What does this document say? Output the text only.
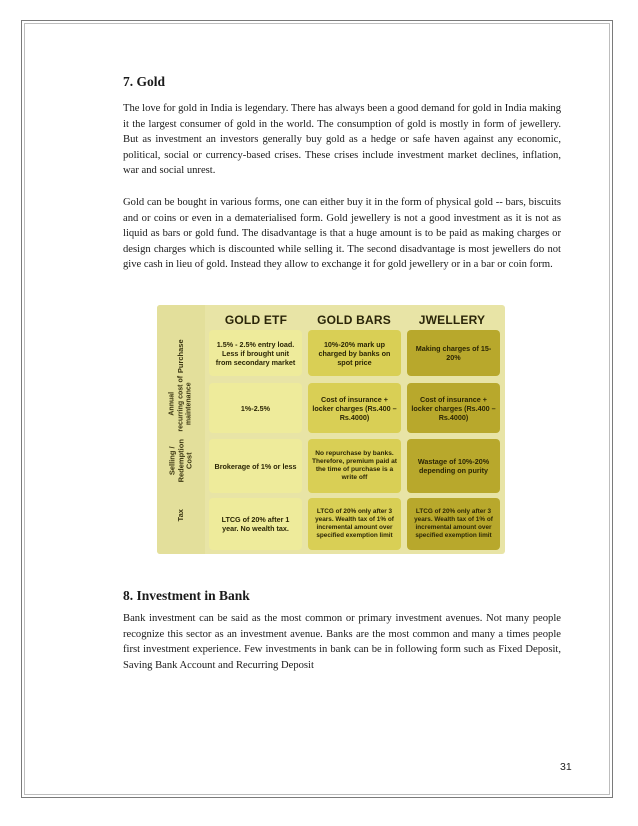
7. Gold

The love for gold in India is legendary. There has always been a good demand for gold in India making it the largest consumer of gold in the world. The consumption of gold is mostly in form of jewellery. But as investment an investors generally buy gold as a hedge or safe haven against any economic, political, social or currency-based crises. These crises include investment market declines, inflation, war and social unrest.

Gold can be bought in various forms, one can either buy it in the form of physical gold -- bars, biscuits and or coins or even in a dematerialised form. Gold jewellery is not a good investment as it is not as liquid as bars or gold fund. The disadvantage is that a huge amount is to be paid as making charges or design charges which is discounted while selling it. The second disadvantage is most jewellers do not give cash in lieu of gold. Instead they allow to exchange it for gold jewellery or in a bar or coin form.

8. Investment in Bank

Bank investment can be said as the most common or primary investment avenues. Not many people recognize this sector as an investment avenue. Banks are the most common and many a times people first investment experience. Few investments in bank can be in following form such as Fixed Deposit, Saving Bank Account and Recurring Deposit

GOLD ETF	GOLD BARS	JWELLERY
Purchase
Annual recurring cost of maintenance
Selling / Redemption Cost
Tax
1.5% - 2.5% entry load. Less if brought unit from secondary market
10%-20% mark up charged by banks on spot price
Making charges of 15-20%
1%-2.5%
Cost of insurance + locker charges (Rs.400 – Rs.4000)
Cost of insurance + locker charges (Rs.400 – Rs.4000)
Brokerage of 1% or less
No repurchase by banks. Therefore, premium paid at the time of purchase is a write off
Wastage of 10%-20% depending on purity
LTCG of 20% after 1 year. No wealth tax.
LTCG of 20% only after 3 years. Wealth tax of 1% of incremental amount over specified exemption limit
LTCG of 20% only after 3 years. Wealth tax of 1% of incremental amount over specified exemption limit
31
